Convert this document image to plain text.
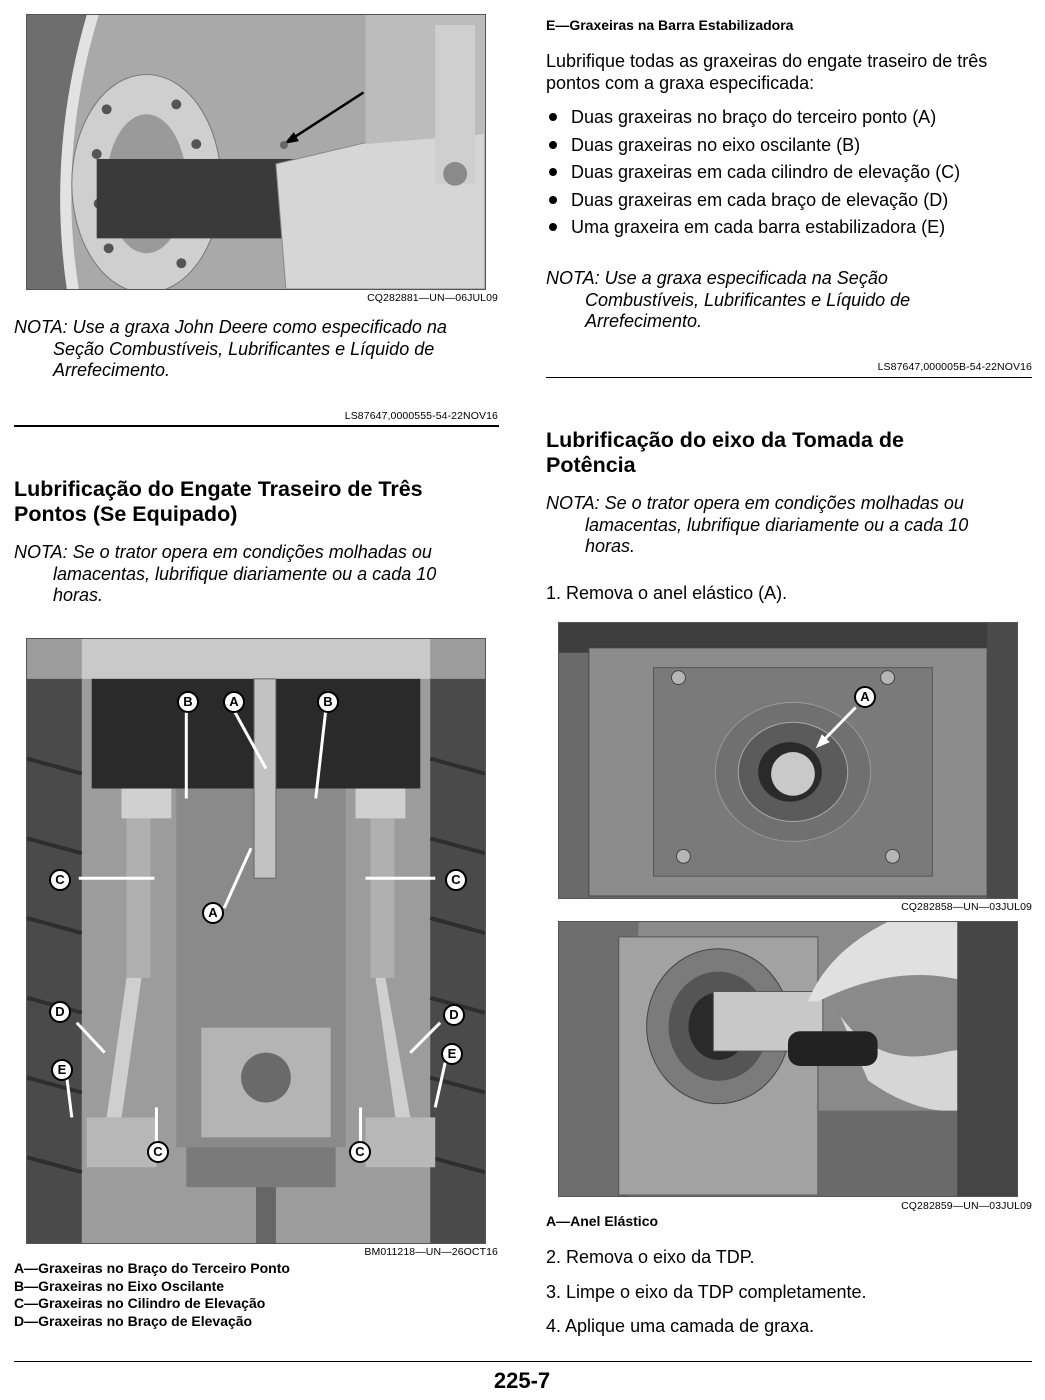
CQ282881—UN—06JUL09
NOTA: Use a graxa John Deere como especificado na
Seção Combustíveis, Lubrificantes e Líquido de
Arrefecimento.
LS87647,0000555-54-22NOV16
Lubrificação do Engate Traseiro de Três
Pontos (Se Equipado)
NOTA: Se o trator opera em condições molhadas ou
lamacentas, lubrifique diariamente ou a cada 10
horas.
B	A	B
C	C
A
D	D
E
E
C	C
BM011218—UN—26OCT16
A—Graxeiras no Braço do Terceiro Ponto
B—Graxeiras no Eixo Oscilante
C—Graxeiras no Cilindro de Elevação
D—Graxeiras no Braço de Elevação
E—Graxeiras na Barra Estabilizadora
Lubrifique todas as graxeiras do engate traseiro de três
pontos com a graxa especificada:
Duas graxeiras no braço do terceiro ponto (A)
Duas graxeiras no eixo oscilante (B)
Duas graxeiras em cada cilindro de elevação (C)
Duas graxeiras em cada braço de elevação (D)
Uma graxeira em cada barra estabilizadora (E)
NOTA: Use a graxa especificada na Seção
Combustíveis, Lubrificantes e Líquido de
Arrefecimento.
LS87647,000005B-54-22NOV16
Lubrificação do eixo da Tomada de
Potência
NOTA: Se o trator opera em condições molhadas ou
lamacentas, lubrifique diariamente ou a cada 10
horas.
1. Remova o anel elástico (A).
A
CQ282858—UN—03JUL09
CQ282859—UN—03JUL09
A—Anel Elástico
2. Remova o eixo da TDP.
3. Limpe o eixo da TDP completamente.
4. Aplique uma camada de graxa.
225-7
